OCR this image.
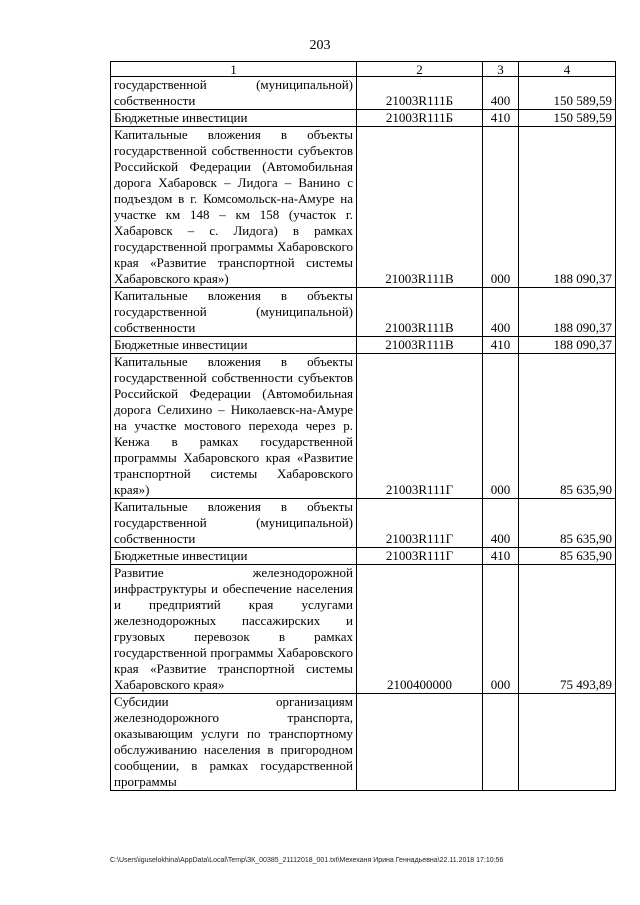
203
1	2	3	4
государственной (муниципальной) собственности	21003R111Б	400	150 589,59
Бюджетные инвестиции	21003R111Б	410	150 589,59
Капитальные вложения в объекты государственной собственности субъектов Российской Федерации (Автомобильная дорога Хабаровск – Лидога – Ванино с подъездом в г. Комсомольск-на-Амуре на участке км 148 – км 158 (участок г. Хабаровск – с. Лидога) в рамках государственной программы Хабаровского края «Развитие транспортной системы Хабаровского края»)	21003R111В	000	188 090,37
Капитальные вложения в объекты государственной (муниципальной) собственности	21003R111В	400	188 090,37
Бюджетные инвестиции	21003R111В	410	188 090,37
Капитальные вложения в объекты государственной собственности субъектов Российской Федерации (Автомобильная дорога Селихино – Николаевск-на-Амуре на участке мостового перехода через р. Кенжа в рамках государственной программы Хабаровского края «Развитие транспортной системы Хабаровского края»)	21003R111Г	000	85 635,90
Капитальные вложения в объекты государственной (муниципальной) собственности	21003R111Г	400	85 635,90
Бюджетные инвестиции	21003R111Г	410	85 635,90
Развитие железнодорожной инфраструктуры и обеспечение населения и предприятий края услугами железнодорожных пассажирских и грузовых перевозок в рамках государственной программы Хабаровского края «Развитие транспортной системы Хабаровского края»	2100400000	000	75 493,89
Субсидии организациям железнодорожного транспорта, оказывающим услуги по транспортному обслуживанию населения в пригородном сообщении, в рамках государственной программы			
C:\Users\iguselokhina\AppData\Local\Temp\ЗК_00385_21112018_001.txt\Мехеханя Ирина Геннадьевна\22.11.2018 17:10:56
